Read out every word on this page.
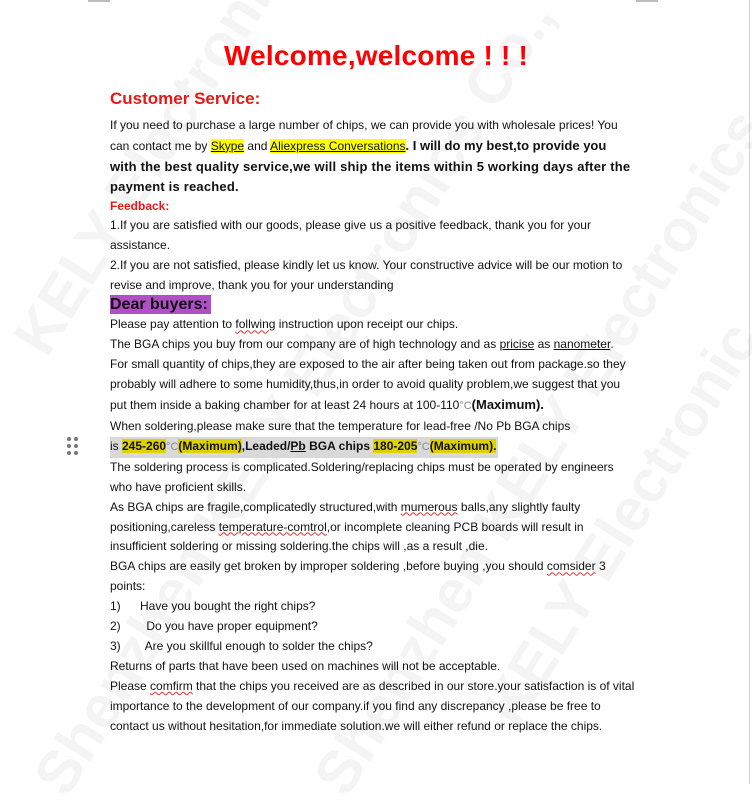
Welcome,welcome ! ! !
Customer Service:
If you need to purchase a large number of chips, we can provide you with wholesale prices! You
can contact me by Skype and Aliexpress Conversations. I will do my best,to provide you
with the best quality service,we will ship the items within 5 working days after the
payment is reached.
Feedback:
1.If you are satisfied with our goods, please give us a positive feedback, thank you for your
assistance.
2.If you are not satisfied, please kindly let us know. Your constructive advice will be our motion to
revise and improve, thank you for your understanding
Dear buyers:
Please pay attention to follwing instruction upon receipt our chips.
The BGA chips you buy from our company are of high technology and as pricise as nanometer.
For small quantity of chips,they are exposed to the air after being taken out from package.so they
probably will adhere to some humidity,thus,in order to avoid quality problem,we suggest that you
put them inside a baking chamber for at least 24 hours at 100-110°C(Maximum).
When soldering,please make sure that the temperature for lead-free /No Pb BGA chips
is 245-260°C(Maximum),Leaded/Pb BGA chips 180-205°C(Maximum).
The soldering process is complicated.Soldering/replacing chips must be operated by engineers
who have proficient skills.
As BGA chips are fragile,complicatedly structured,with mumerous balls,any slightly faulty
positioning,careless temperature-comtrol,or incomplete cleaning PCB boards will result in
insufficient soldering or missing soldering.the chips will ,as a result ,die.
BGA chips are easily get broken by improper soldering ,before buying ,you should comsider 3
points:
1) Have you bought the right chips?
2) Do you have proper equipment?
3) Are you skillful enough to solder the chips?
Returns of parts that have been used on machines will not be acceptable.
Please comfirm that the chips you received are as described in our store.your satisfaction is of vital
importance to the development of our company.if you find any discrepancy ,please be free to
contact us without hesitation,for immediate solution.we will either refund or replace the chips.
